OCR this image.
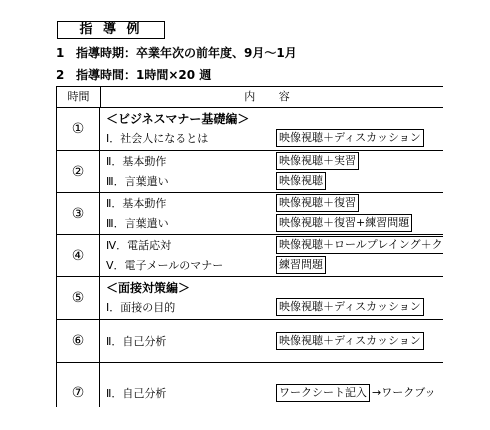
指 導 例
1 指導時期：卒業年次の前年度、9月〜1月
2 指導時間：1時間×20 週
時間	内 容
①
＜ビジネスマナー基礎編＞
Ⅰ．社会人になるとは	映像視聴＋ディスカッション
②
Ⅱ．基本動作	映像視聴＋実習
Ⅲ．言葉遣い	映像視聴
③
Ⅱ．基本動作	映像視聴＋復習
Ⅲ．言葉遣い	映像視聴＋復習+練習問題
④
Ⅳ．電話応対	映像視聴＋ロールプレイング＋ク
Ⅴ．電子メールのマナー	練習問題
⑤
＜面接対策編＞
Ⅰ．面接の目的	映像視聴＋ディスカッション
⑥ Ⅱ．自己分析	映像視聴＋ディスカッション
⑦ Ⅱ．自己分析	ワークシート記入 →ワークブッ
